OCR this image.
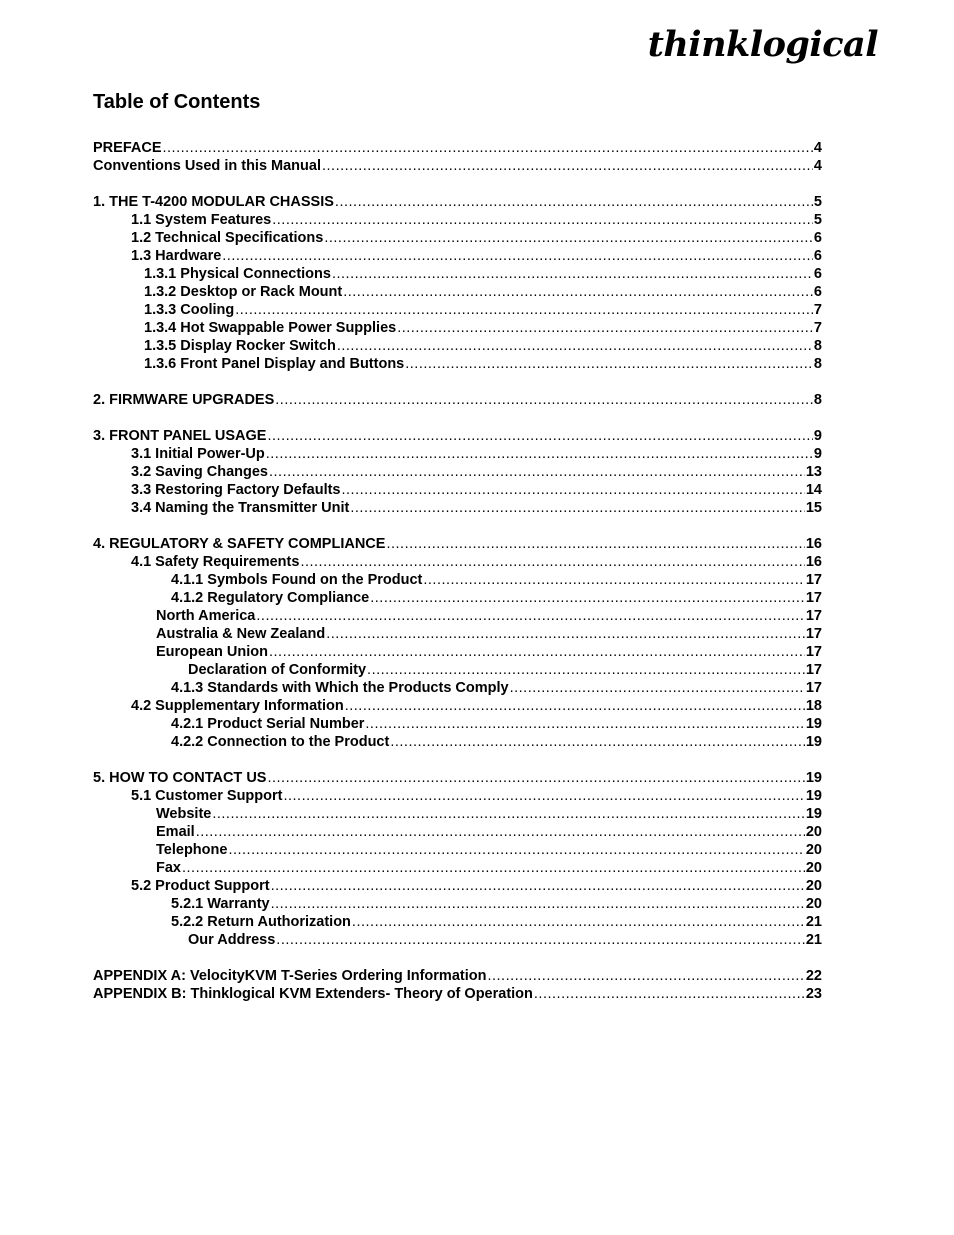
thinklogical
Table of Contents
PREFACE .....	4
Conventions Used in this Manual .....	4
1. THE T-4200 MODULAR CHASSIS .....	5
1.1 System Features .....	5
1.2 Technical Specifications .....	6
1.3 Hardware .....	6
1.3.1 Physical Connections .....	6
1.3.2 Desktop or Rack Mount .....	6
1.3.3 Cooling .....	7
1.3.4 Hot Swappable Power Supplies .....	7
1.3.5 Display Rocker Switch .....	8
1.3.6 Front Panel Display and Buttons .....	8
2. FIRMWARE UPGRADES .....	8
3. FRONT PANEL USAGE .....	9
3.1 Initial Power-Up .....	9
3.2 Saving Changes .....	13
3.3 Restoring Factory Defaults .....	14
3.4 Naming the Transmitter Unit .....	15
4. REGULATORY & SAFETY COMPLIANCE .....	16
4.1 Safety Requirements .....	16
4.1.1 Symbols Found on the Product .....	17
4.1.2 Regulatory Compliance .....	17
North America .....	17
Australia & New Zealand .....	17
European Union .....	17
Declaration of Conformity .....	17
4.1.3 Standards with Which the Products Comply .....	17
4.2 Supplementary Information .....	18
4.2.1 Product Serial Number .....	19
4.2.2 Connection to the Product .....	19
5. HOW TO CONTACT US .....	19
5.1 Customer Support .....	19
Website .....	19
Email .....	20
Telephone .....	20
Fax .....	20
5.2 Product Support .....	20
5.2.1 Warranty .....	20
5.2.2 Return Authorization .....	21
Our Address .....	21
APPENDIX A: VelocityKVM T-Series Ordering Information .....	22
APPENDIX B: Thinklogical KVM Extenders- Theory of Operation .....	23
